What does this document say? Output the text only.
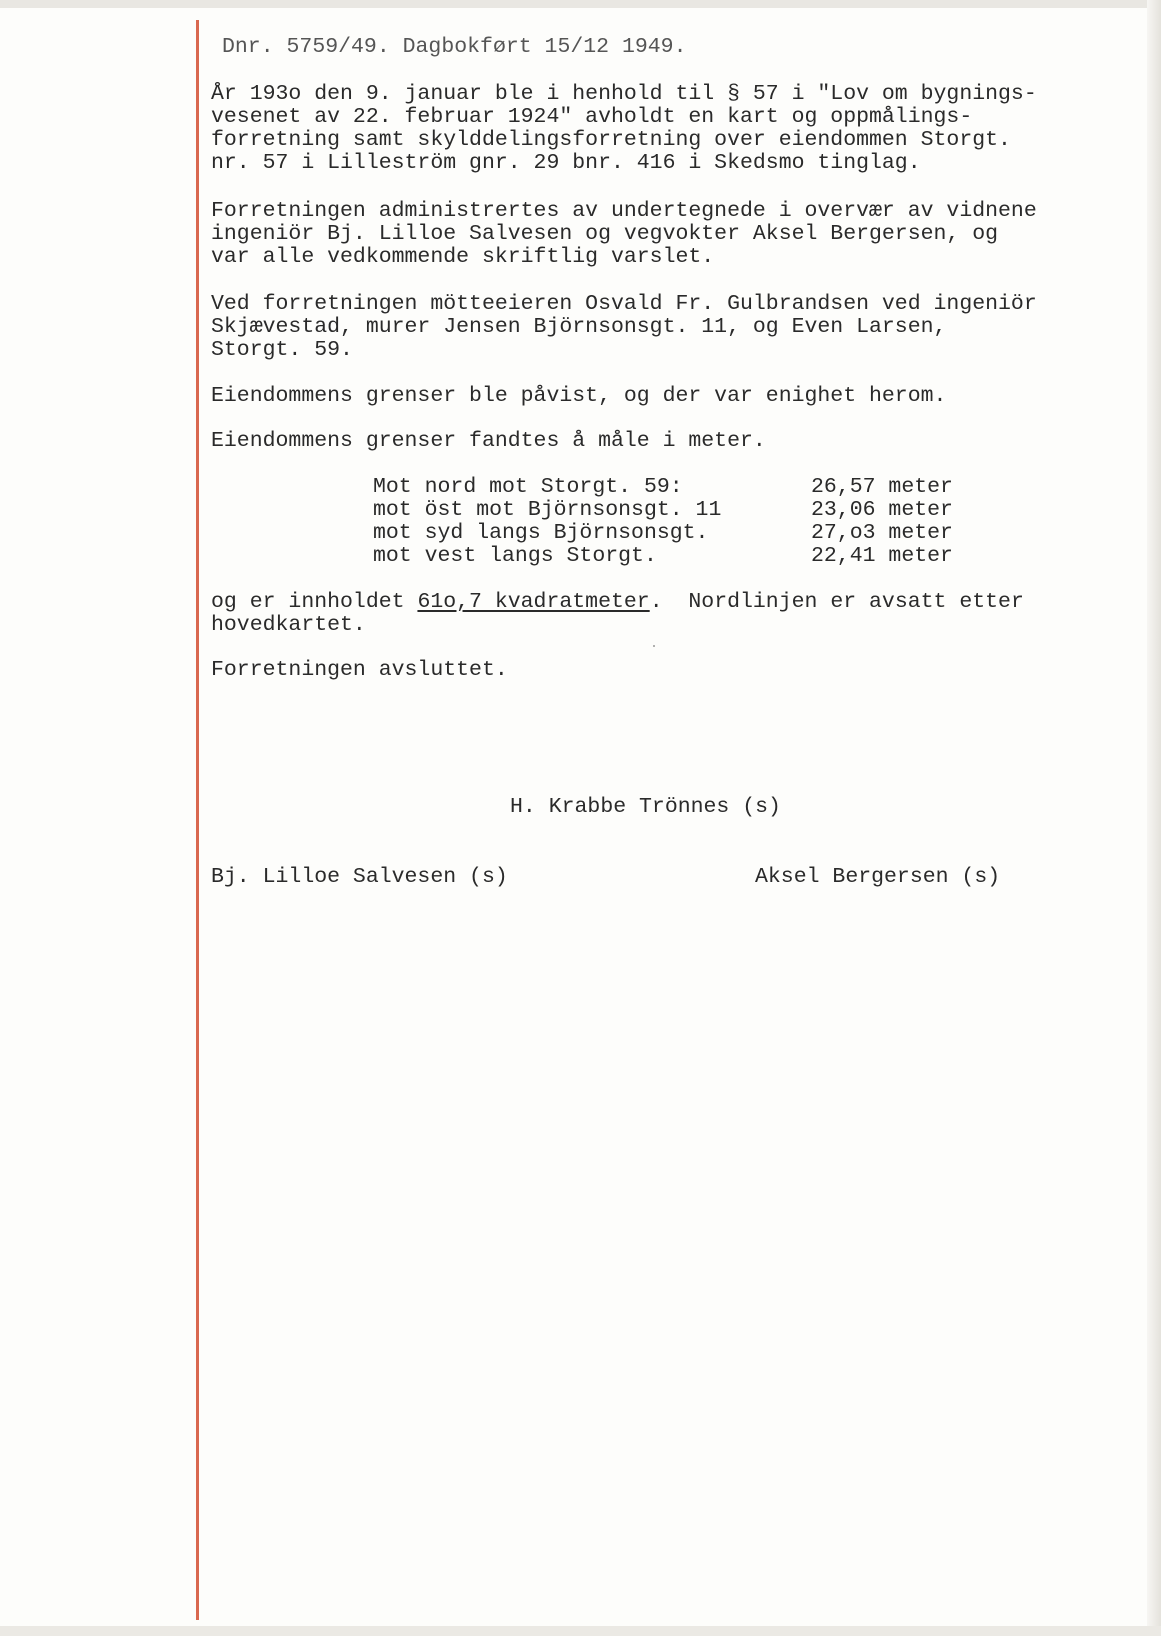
Dnr. 5759/49. Dagbokført 15/12 1949.
År 193o den 9. januar ble i henhold til § 57 i "Lov om bygnings-
vesenet av 22. februar 1924" avholdt en kart og oppmålings-
forretning samt skylddelingsforretning over eiendommen Storgt.
nr. 57 i Lilleström gnr. 29 bnr. 416 i Skedsmo tinglag.
Forretningen administrertes av undertegnede i overvær av vidnene
ingeniör Bj. Lilloe Salvesen og vegvokter Aksel Bergersen, og
var alle vedkommende skriftlig varslet.
Ved forretningen mötteeieren Osvald Fr. Gulbrandsen ved ingeniör
Skjævestad, murer Jensen Björnsonsgt. 11, og Even Larsen,
Storgt. 59.
Eiendommens grenser ble påvist, og der var enighet herom.
Eiendommens grenser fandtes å måle i meter.
Mot nord mot Storgt. 59:	26,57 meter
mot öst mot Björnsonsgt. 11	23,06 meter
mot syd langs Björnsonsgt.	27,o3 meter
mot vest langs Storgt.	22,41 meter
og er innholdet 61o,7 kvadratmeter.  Nordlinjen er avsatt etter
hovedkartet.
Forretningen avsluttet.
H. Krabbe Trönnes (s)
Bj. Lilloe Salvesen (s)	Aksel Bergersen (s)
